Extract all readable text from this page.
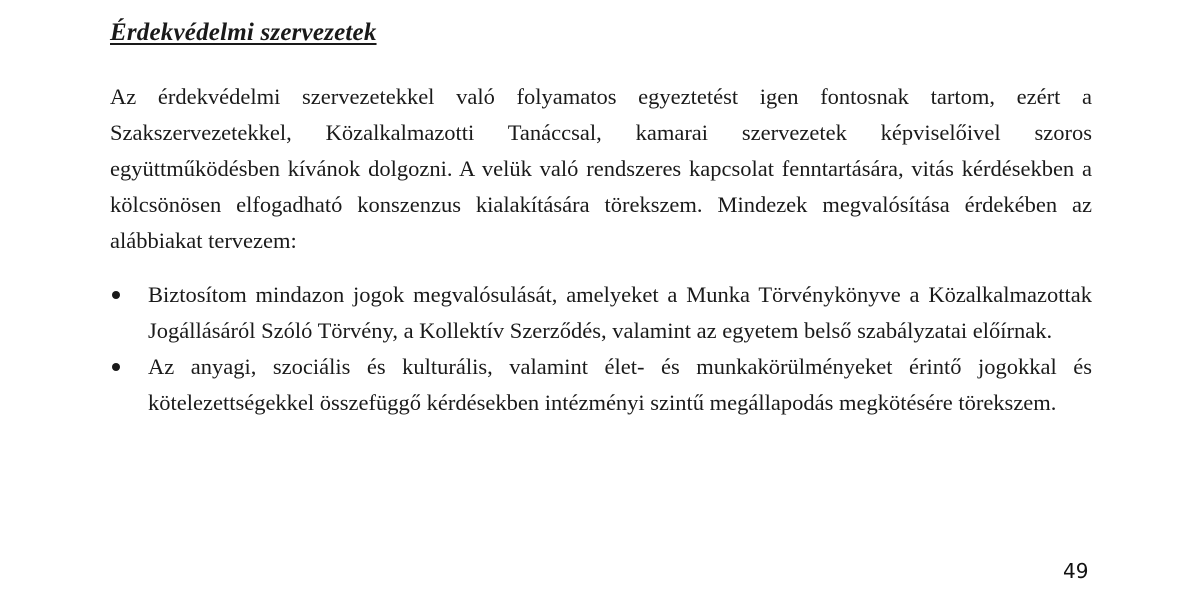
Érdekvédelmi szervezetek

Az érdekvédelmi szervezetekkel való folyamatos egyeztetést igen fontosnak tartom, ezért a Szakszervezetekkel, Közalkalmazotti Tanáccsal, kamarai szervezetek képviselőivel szoros együttműködésben kívánok dolgozni. A velük való rendszeres kapcsolat fenntartására, vitás kérdésekben a kölcsönösen elfogadható konszenzus kialakítására törekszem. Mindezek megvalósítása érdekében az alábbiakat tervezem:

Biztosítom mindazon jogok megvalósulását, amelyeket a Munka Törvénykönyve a Közalkalmazottak Jogállásáról Szóló Törvény, a Kollektív Szerződés, valamint az egyetem belső szabályzatai előírnak.
Az anyagi, szociális és kulturális, valamint élet- és munkakörülményeket érintő jogokkal és kötelezettségekkel összefüggő kérdésekben intézményi szintű megállapodás megkötésére törekszem.
49
